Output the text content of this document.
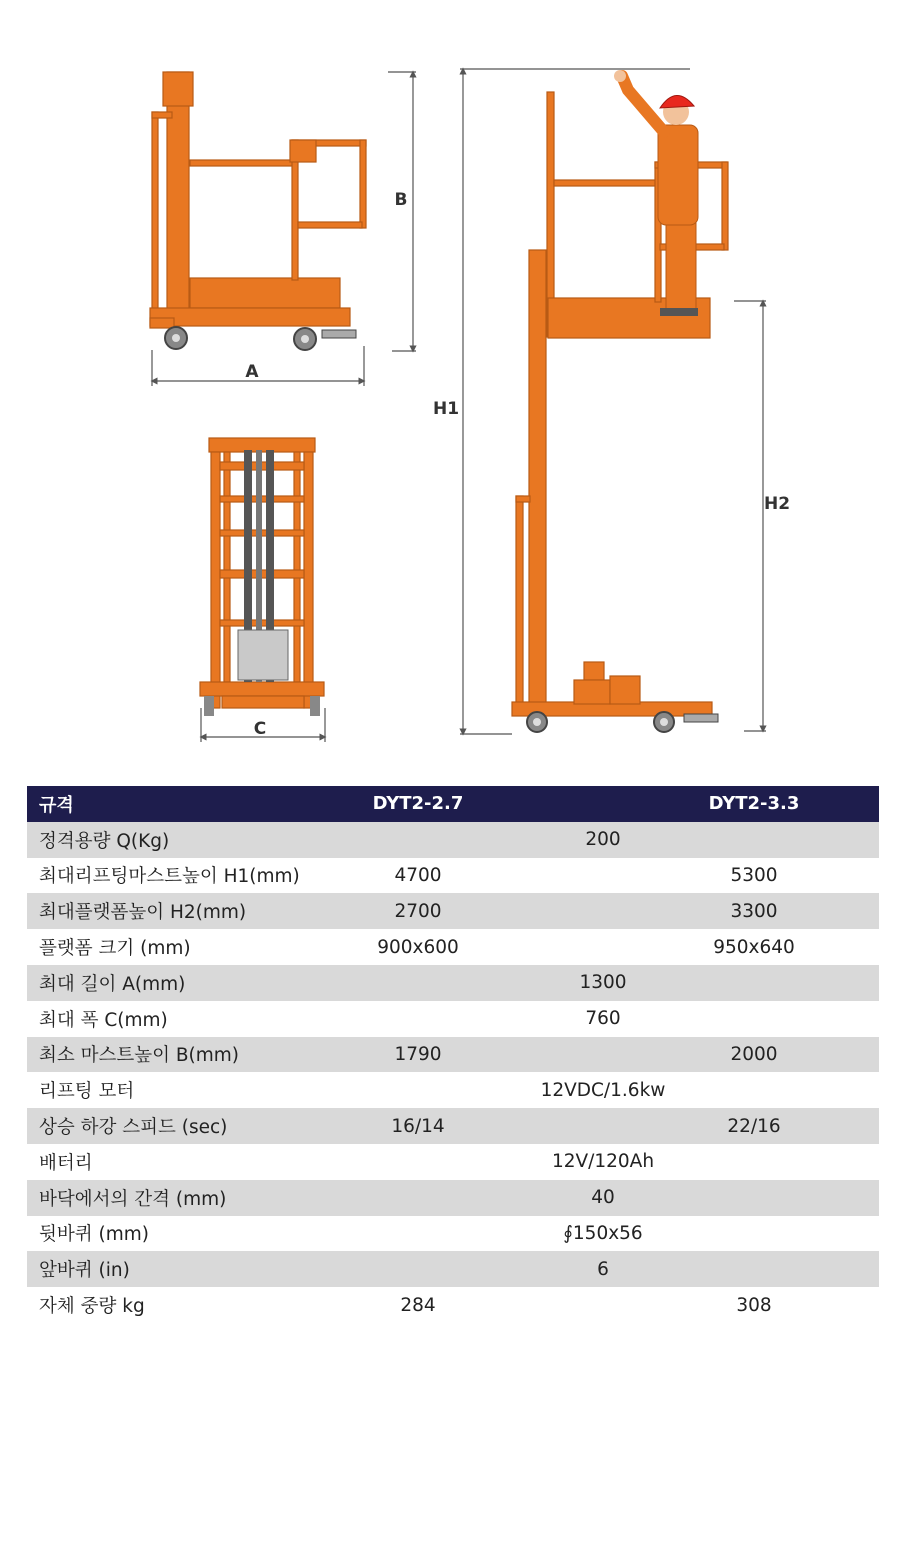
A
B
C
H1
H2
규격	DYT2-2.7		DYT2-3.3
정격용량 Q(Kg)	200		
최대리프팅마스트높이 H1(mm)	4700		5300
최대플랫폼높이 H2(mm)	2700		3300
플랫폼 크기 (mm)	900x600		950x640
최대 길이 A(mm)	1300		
최대 폭 C(mm)	760		
최소 마스트높이 B(mm)	1790		2000
리프팅 모터	12VDC/1.6kw		
상승 하강 스피드 (sec)	16/14		22/16
배터리	12V/120Ah		
바닥에서의 간격 (mm)	40		
뒷바퀴 (mm)	∮150x56		
앞바퀴 (in)	6		
자체 중량 kg	284		308
